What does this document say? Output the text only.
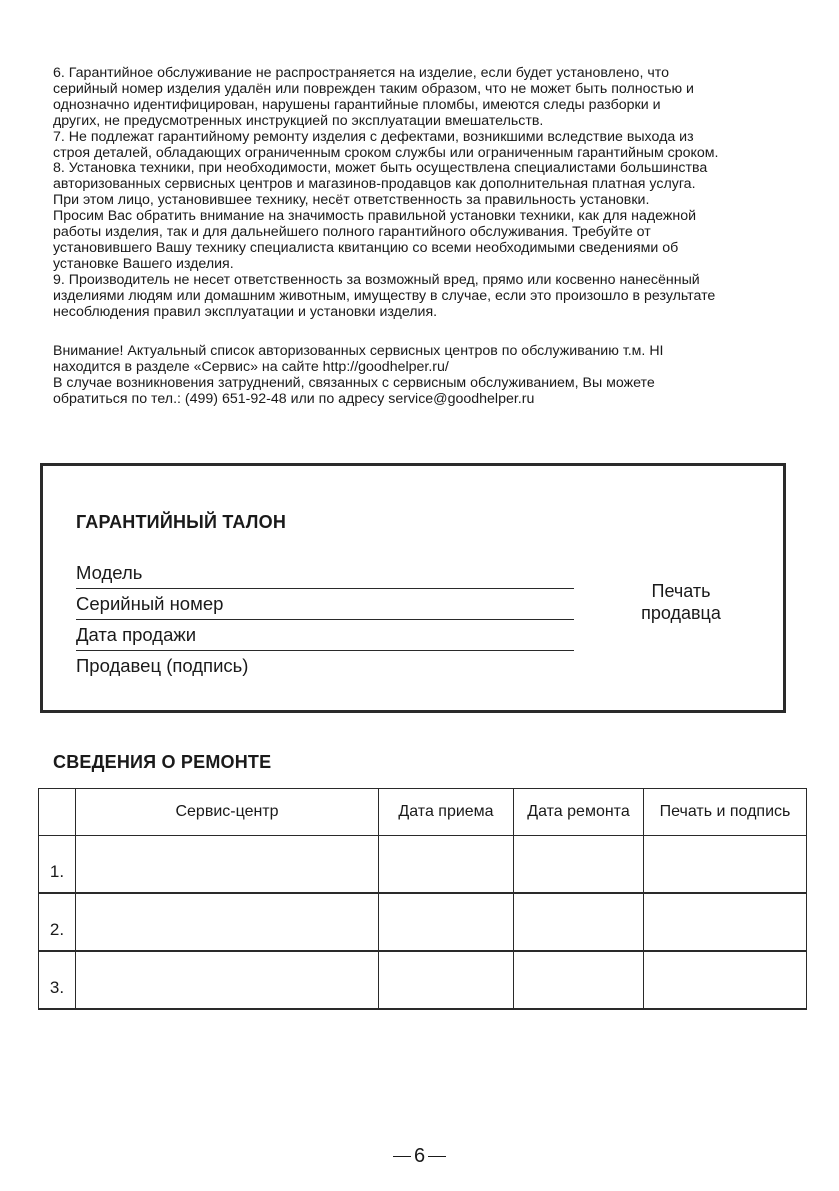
6. Гарантийное обслуживание не распространяется на изделие, если будет установлено, что
серийный номер изделия удалён или поврежден таким образом, что не может быть полностью и
однозначно идентифицирован, нарушены гарантийные пломбы, имеются следы разборки и
других, не предусмотренных инструкцией по эксплуатации вмешательств.
7. Не подлежат гарантийному ремонту изделия с дефектами, возникшими вследствие выхода из
строя деталей, обладающих ограниченным сроком службы или ограниченным гарантийным сроком.
8. Установка техники, при необходимости, может быть осуществлена специалистами большинства
авторизованных сервисных центров и магазинов-продавцов как дополнительная платная услуга.
При этом лицо, установившее технику, несёт ответственность за правильность установки.
Просим Вас обратить внимание на значимость правильной установки техники, как для надежной
работы изделия, так и для дальнейшего полного гарантийного обслуживания. Требуйте от
установившего Вашу технику специалиста квитанцию со всеми необходимыми сведениями об
установке Вашего изделия.
9. Производитель не несет ответственность за возможный вред, прямо или косвенно нанесённый
изделиями людям или домашним животным, имуществу в случае, если это произошло в результате
несоблюдения правил эксплуатации и установки изделия.
Внимание! Актуальный список авторизованных сервисных центров по обслуживанию т.м. HI
находится в разделе «Сервис» на сайте http://goodhelper.ru/
В случае возникновения затруднений, связанных с сервисным обслуживанием, Вы можете
обратиться по тел.: (499) 651-92-48 или по адресу service@goodhelper.ru
ГАРАНТИЙНЫЙ ТАЛОН
Модель
Серийный номер
Дата продажи
Продавец (подпись)
Печать
продавца
СВЕДЕНИЯ О РЕМОНТЕ
	Сервис-центр	Дата приема	Дата ремонта	Печать и подпись
1.				
2.				
3.				
6
